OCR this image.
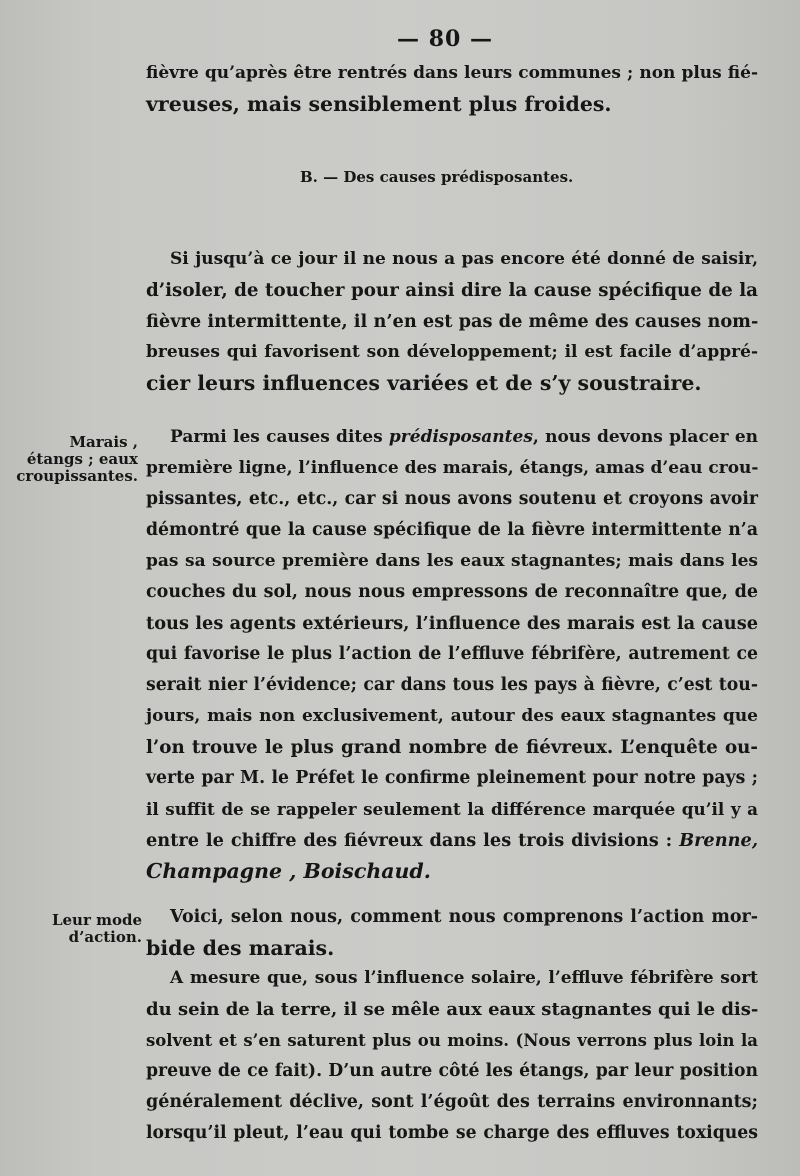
— 80 —
fièvre qu’après être rentrés dans leurs communes ; non plus fié-
vreuses, mais sensiblement plus froides.
B. — Des causes prédisposantes.
Si jusqu’à ce jour il ne nous a pas encore été donné de saisir,
d’isoler, de toucher pour ainsi dire la cause spécifique de la
fièvre intermittente, il n’en est pas de même des causes nom-
breuses qui favorisent son développement; il est facile d’appré-
cier leurs influences variées et de s’y soustraire.
Marais ,
étangs ; eaux
croupissantes.
Parmi les causes dites prédisposantes, nous devons placer en
première ligne, l’influence des marais, étangs, amas d’eau crou-
pissantes, etc., etc., car si nous avons soutenu et croyons avoir
démontré que la cause spécifique de la fièvre intermittente n’a
pas sa source première dans les eaux stagnantes; mais dans les
couches du sol, nous nous empressons de reconnaître que, de
tous les agents extérieurs, l’influence des marais est la cause
qui favorise le plus l’action de l’effluve fébrifère, autrement ce
serait nier l’évidence; car dans tous les pays à fièvre, c’est tou-
jours, mais non exclusivement, autour des eaux stagnantes que
l’on trouve le plus grand nombre de fiévreux. L’enquête ou-
verte par M. le Préfet le confirme pleinement pour notre pays ;
il suffit de se rappeler seulement la différence marquée qu’il y a
entre le chiffre des fiévreux dans les trois divisions : Brenne,
Champagne , Boischaud.
Leur mode
d’action.
Voici, selon nous, comment nous comprenons l’action mor-
bide des marais.
A mesure que, sous l’influence solaire, l’effluve fébrifère sort
du sein de la terre, il se mêle aux eaux stagnantes qui le dis-
solvent et s’en saturent plus ou moins. (Nous verrons plus loin la
preuve de ce fait). D’un autre côté les étangs, par leur position
généralement déclive, sont l’égoût des terrains environnants;
lorsqu’il pleut, l’eau qui tombe se charge des effluves toxiques
